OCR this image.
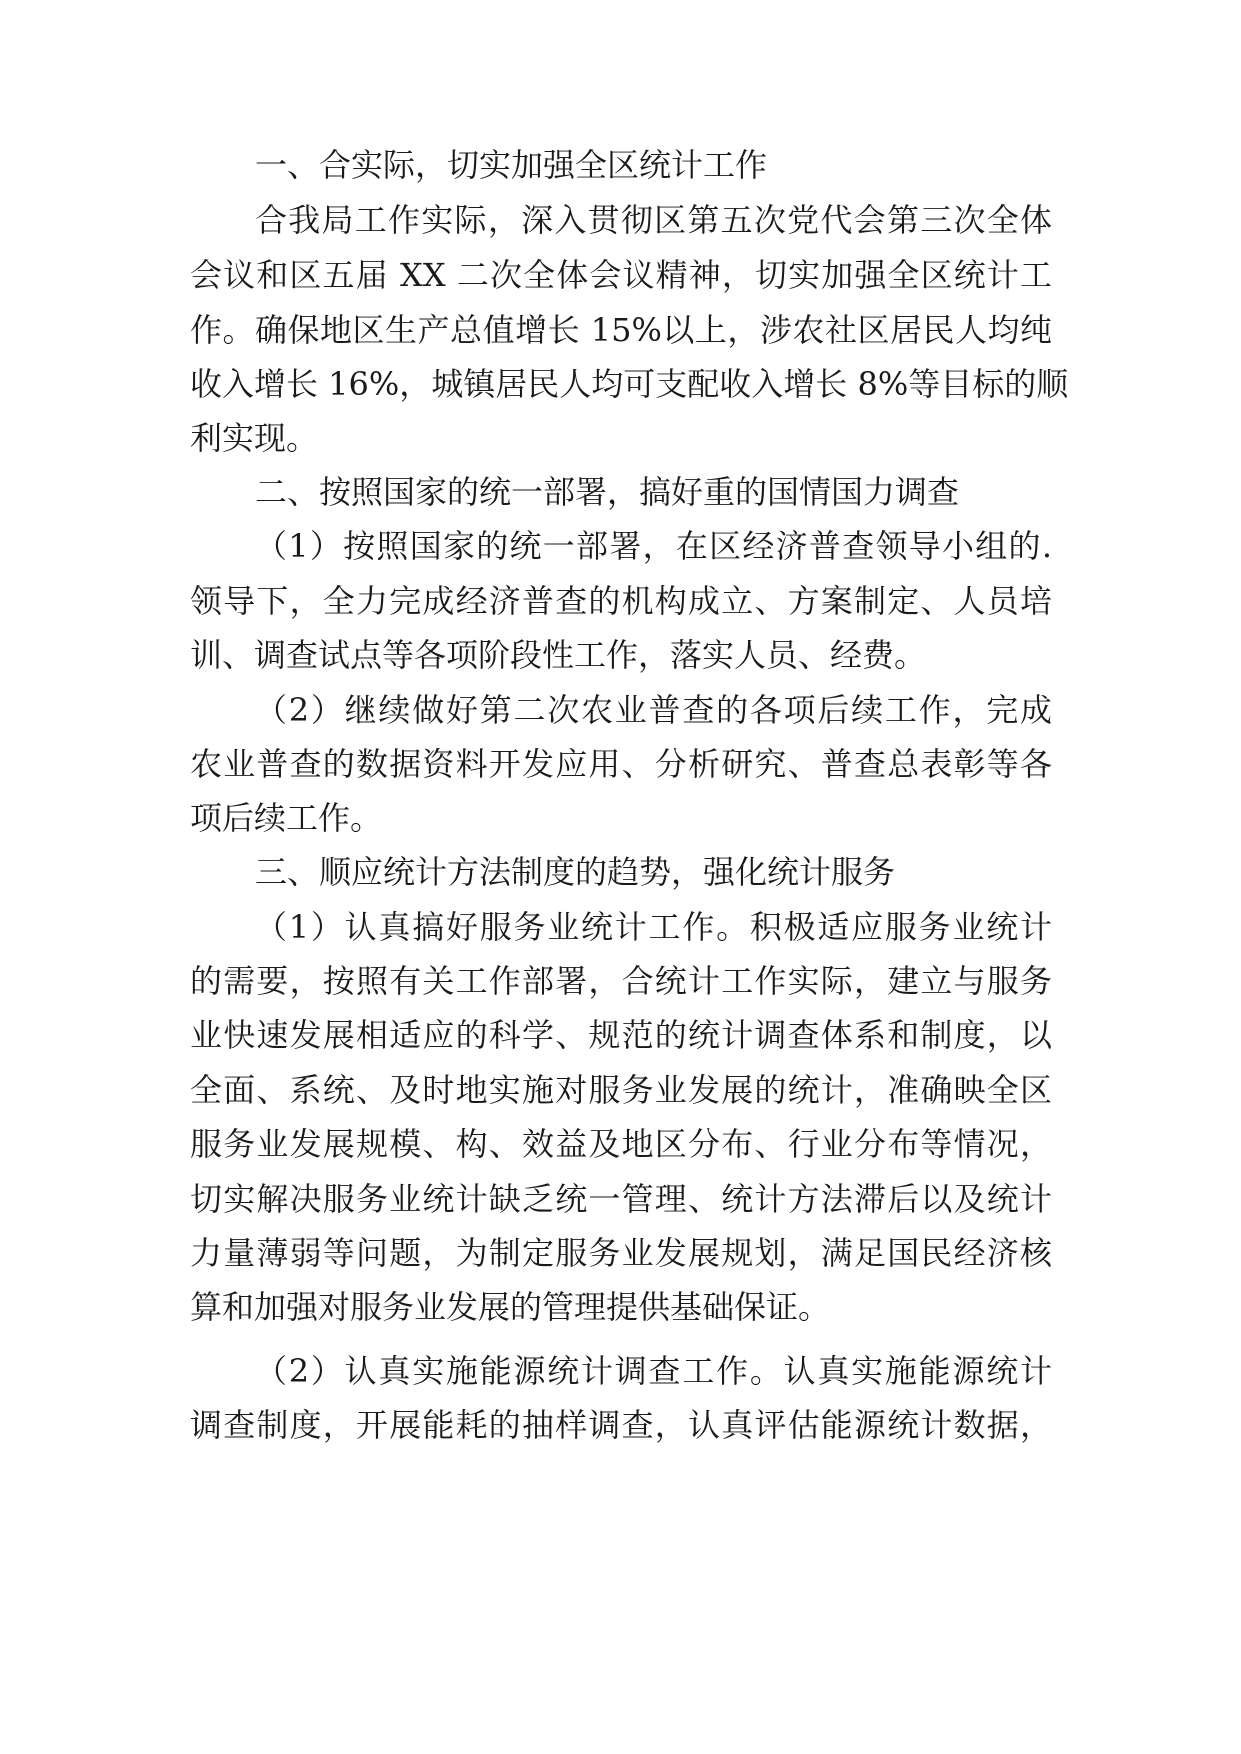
一、合实际，切实加强全区统计工作
合我局工作实际，深入贯彻区第五次党代会第三次全体
会议和区五届 XX 二次全体会议精神，切实加强全区统计工
作。确保地区生产总值增长 15%以上，涉农社区居民人均纯
收入增长 16%，城镇居民人均可支配收入增长 8%等目标的顺
利实现。
二、按照国家的统一部署，搞好重的国情国力调查
（1）按照国家的统一部署，在区经济普查领导小组的.
领导下，全力完成经济普查的机构成立、方案制定、人员培
训、调查试点等各项阶段性工作，落实人员、经费。
（2）继续做好第二次农业普查的各项后续工作，完成
农业普查的数据资料开发应用、分析研究、普查总表彰等各
项后续工作。
三、顺应统计方法制度的趋势，强化统计服务
（1）认真搞好服务业统计工作。积极适应服务业统计
的需要，按照有关工作部署，合统计工作实际，建立与服务
业快速发展相适应的科学、规范的统计调查体系和制度，以
全面、系统、及时地实施对服务业发展的统计，准确映全区
服务业发展规模、构、效益及地区分布、行业分布等情况，
切实解决服务业统计缺乏统一管理、统计方法滞后以及统计
力量薄弱等问题，为制定服务业发展规划，满足国民经济核
算和加强对服务业发展的管理提供基础保证。
（2）认真实施能源统计调查工作。认真实施能源统计
调查制度，开展能耗的抽样调查，认真评估能源统计数据，
